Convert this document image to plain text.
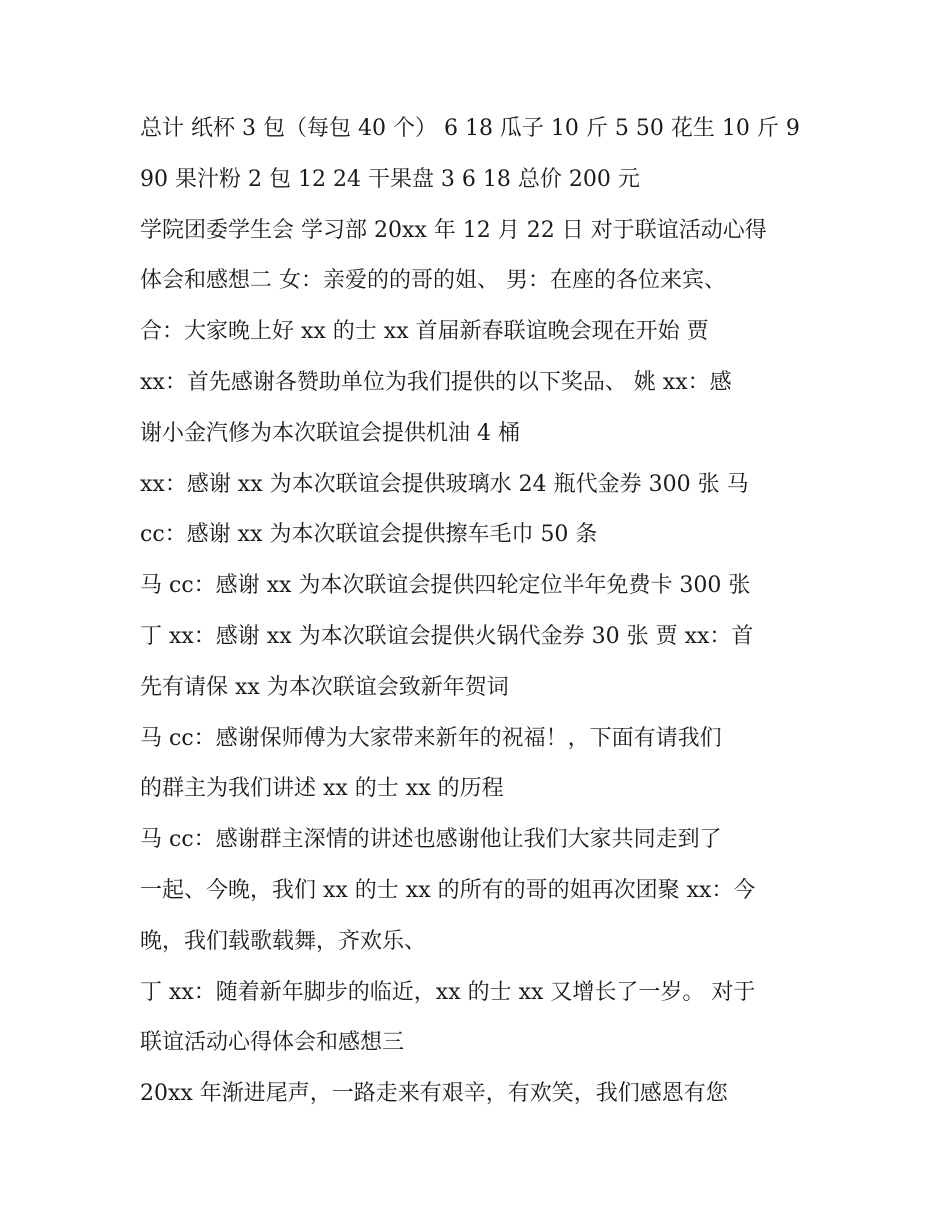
总计 纸杯 3 包（每包 40 个） 6 18 瓜子 10 斤 5 50 花生 10 斤 9
90 果汁粉 2 包 12 24 干果盘 3 6 18 总价 200 元
学院团委学生会 学习部 20xx 年 12 月 22 日 对于联谊活动心得
体会和感想二 女：亲爱的的哥的姐、 男：在座的各位来宾、
合：大家晚上好 xx 的士 xx 首届新春联谊晚会现在开始 贾
xx：首先感谢各赞助单位为我们提供的以下奖品、 姚 xx：感
谢小金汽修为本次联谊会提供机油 4 桶
xx：感谢 xx 为本次联谊会提供玻璃水 24 瓶代金券 300 张 马
cc：感谢 xx 为本次联谊会提供擦车毛巾 50 条
马 cc：感谢 xx 为本次联谊会提供四轮定位半年免费卡 300 张
丁 xx：感谢 xx 为本次联谊会提供火锅代金券 30 张 贾 xx：首
先有请保 xx 为本次联谊会致新年贺词
马 cc：感谢保师傅为大家带来新年的祝福！，下面有请我们
的群主为我们讲述 xx 的士 xx 的历程
马 cc：感谢群主深情的讲述也感谢他让我们大家共同走到了
一起、今晚，我们 xx 的士 xx 的所有的哥的姐再次团聚 xx：今
晚，我们载歌载舞，齐欢乐、
丁 xx：随着新年脚步的临近，xx 的士 xx 又增长了一岁。 对于
联谊活动心得体会和感想三
20xx 年渐进尾声，一路走来有艰辛，有欢笑，我们感恩有您
